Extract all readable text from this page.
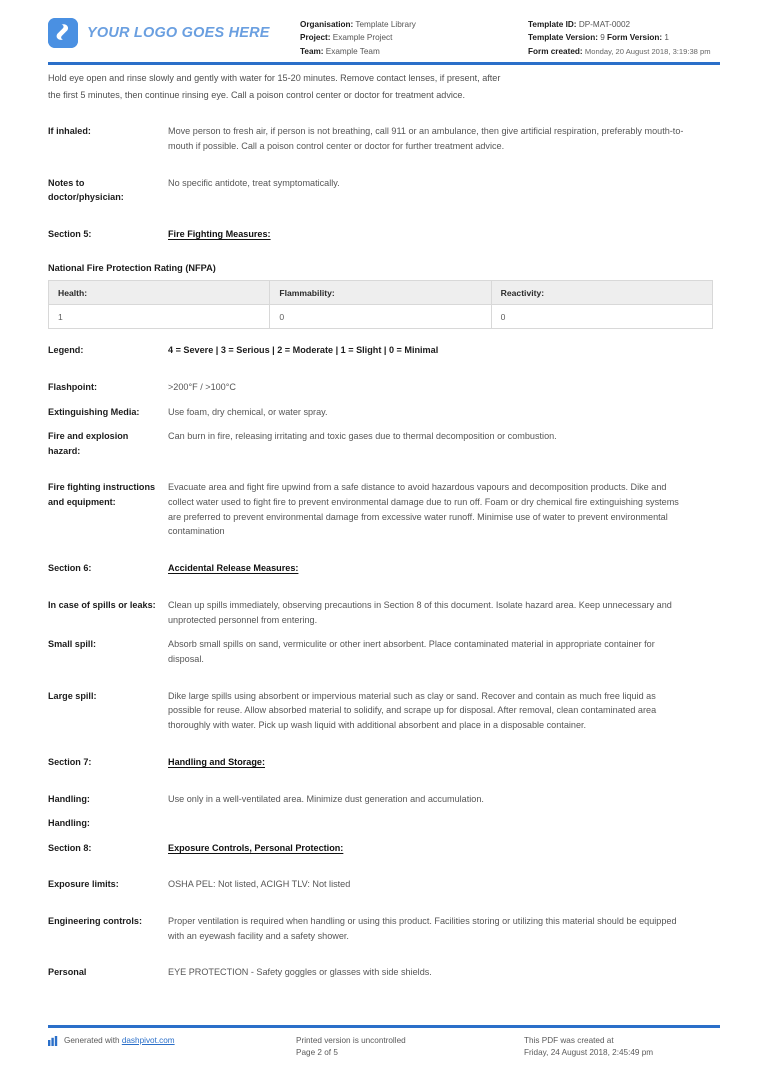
YOUR LOGO GOES HERE
Organisation: Template Library
Project: Example Project
Team: Example Team
Template ID: DP-MAT-0002
Template Version: 9 Form Version: 1
Form created: Monday, 20 August 2018, 3:19:38 pm

Hold eye open and rinse slowly and gently with water for 15-20 minutes. Remove contact lenses, if present, after

the first 5 minutes, then continue rinsing eye. Call a poison control center or doctor for treatment advice.

If inhaled:	Move person to fresh air, if person is not breathing, call 911 or an ambulance, then give artificial respiration, preferably mouth-to-mouth if possible. Call a poison control center or doctor for further treatment advice.
Notes to doctor/physician:
No specific antidote, treat symptomatically.
Section 5:	Fire Fighting Measures:
National Fire Protection Rating (NFPA)
Health:	Flammability:	Reactivity:
1	0	0
Legend:	4 = Severe | 3 = Serious | 2 = Moderate | 1 = Slight | 0 = Minimal
Flashpoint:	>200°F / >100°C
Extinguishing Media:	Use foam, dry chemical, or water spray.
Fire and explosion hazard:
Can burn in fire, releasing irritating and toxic gases due to thermal decomposition or combustion.
Fire fighting instructions and equipment:
Evacuate area and fight fire upwind from a safe distance to avoid hazardous vapours and decomposition products. Dike and collect water used to fight fire to prevent environmental damage due to run off. Foam or dry chemical fire extinguishing systems are preferred to prevent environmental damage from excessive water runoff. Minimise use of water to prevent environmental contamination
Section 6:	Accidental Release Measures:
In case of spills or leaks:	Clean up spills immediately, observing precautions in Section 8 of this document. Isolate hazard area. Keep unnecessary and unprotected personnel from entering.
Small spill:	Absorb small spills on sand, vermiculite or other inert absorbent. Place contaminated material in appropriate container for disposal.
Large spill:	Dike large spills using absorbent or impervious material such as clay or sand. Recover and contain as much free liquid as possible for reuse. Allow absorbed material to solidify, and scrape up for disposal. After removal, clean contaminated area thoroughly with water. Pick up wash liquid with additional absorbent and place in a disposable container.
Section 7:	Handling and Storage:
Handling:	Use only in a well-ventilated area. Minimize dust generation and accumulation.
Handling:
Section 8:	Exposure Controls, Personal Protection:
Exposure limits:	OSHA PEL: Not listed, ACIGH TLV: Not listed
Engineering controls:	Proper ventilation is required when handling or using this product. Facilities storing or utilizing this material should be equipped with an eyewash facility and a safety shower.
Personal	EYE PROTECTION - Safety goggles or glasses with side shields.
Generated with
dashpivot.com	Printed version is uncontrolled
Page 2 of 5
This PDF was created at
Friday, 24 August 2018, 2:45:49 pm
